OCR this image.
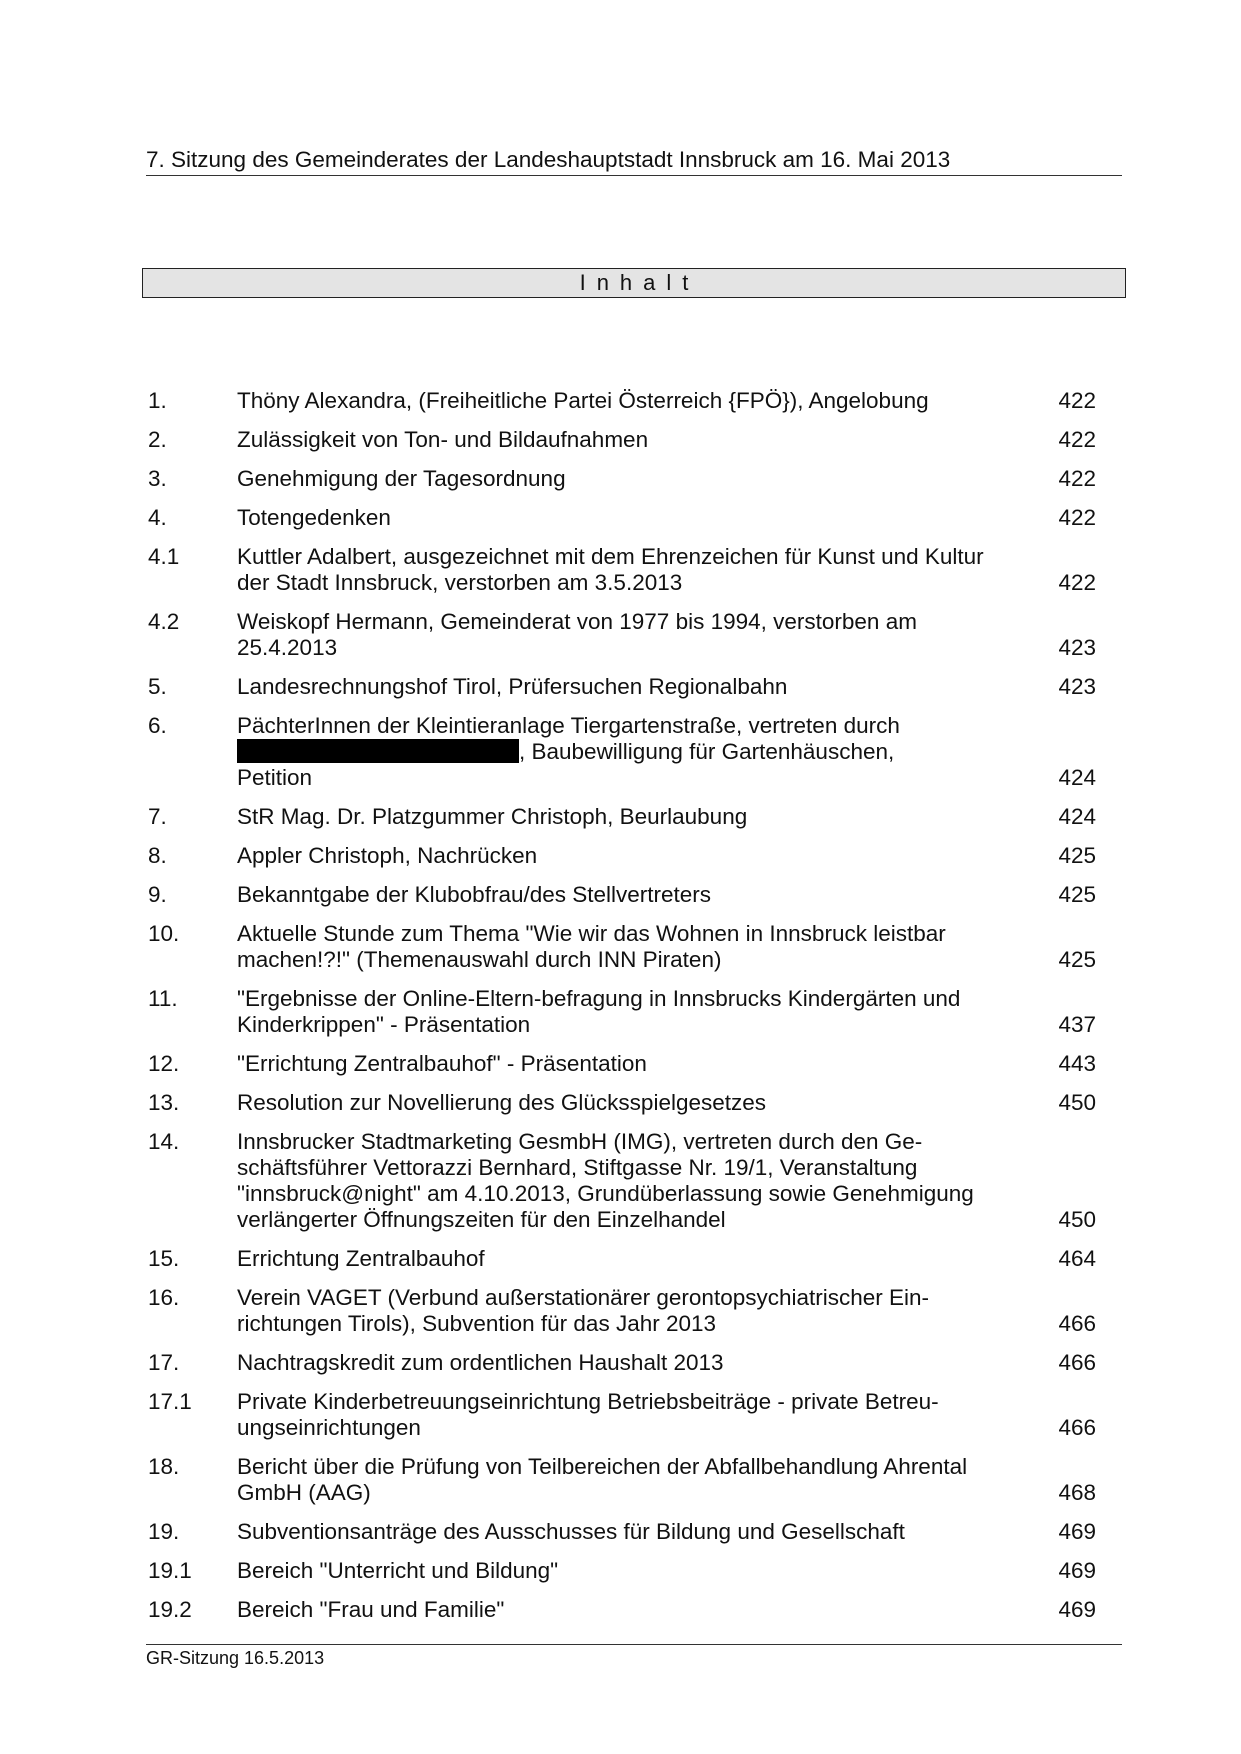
7. Sitzung des Gemeinderates der Landeshauptstadt Innsbruck am 16. Mai 2013
Inhalt
1.	Thöny Alexandra, (Freiheitliche Partei Österreich {FPÖ}), Angelobung	422
2.	Zulässigkeit von Ton- und Bildaufnahmen	422
3.	Genehmigung der Tagesordnung	422
4.	Totengedenken	422
4.1	Kuttler Adalbert, ausgezeichnet mit dem Ehrenzeichen für Kunst und Kultur
der Stadt Innsbruck, verstorben am 3.5.2013	422
4.2	Weiskopf Hermann, Gemeinderat von 1977 bis 1994, verstorben am
25.4.2013	423
5.	Landesrechnungshof Tirol, Prüfersuchen Regionalbahn	423
6.	PächterInnen der Kleintieranlage Tiergartenstraße, vertreten durch
, Baubewilligung für Gartenhäuschen,
Petition	424
7.	StR Mag. Dr. Platzgummer Christoph, Beurlaubung	424
8.	Appler Christoph, Nachrücken	425
9.	Bekanntgabe der Klubobfrau/des Stellvertreters	425
10.	Aktuelle Stunde zum Thema "Wie wir das Wohnen in Innsbruck leistbar
machen!?!" (Themenauswahl durch INN Piraten)	425
11.	"Ergebnisse der Online-Eltern-befragung in Innsbrucks Kindergärten und
Kinderkrippen" - Präsentation	437
12.	"Errichtung Zentralbauhof" - Präsentation	443
13.	Resolution zur Novellierung des Glücksspielgesetzes	450
14.	Innsbrucker Stadtmarketing GesmbH (IMG), vertreten durch den Ge-
schäftsführer Vettorazzi Bernhard, Stiftgasse Nr. 19/1, Veranstaltung
"innsbruck@night" am 4.10.2013, Grundüberlassung sowie Genehmigung
verlängerter Öffnungszeiten für den Einzelhandel	450
15.	Errichtung Zentralbauhof	464
16.	Verein VAGET (Verbund außerstationärer gerontopsychiatrischer Ein-
richtungen Tirols), Subvention für das Jahr 2013	466
17.	Nachtragskredit zum ordentlichen Haushalt 2013	466
17.1	Private Kinderbetreuungseinrichtung Betriebsbeiträge - private Betreu-
ungseinrichtungen	466
18.	Bericht über die Prüfung von Teilbereichen der Abfallbehandlung Ahrental
GmbH (AAG)	468
19.	Subventionsanträge des Ausschusses für Bildung und Gesellschaft	469
19.1	Bereich "Unterricht und Bildung"	469
19.2	Bereich "Frau und Familie"	469
GR-Sitzung 16.5.2013
